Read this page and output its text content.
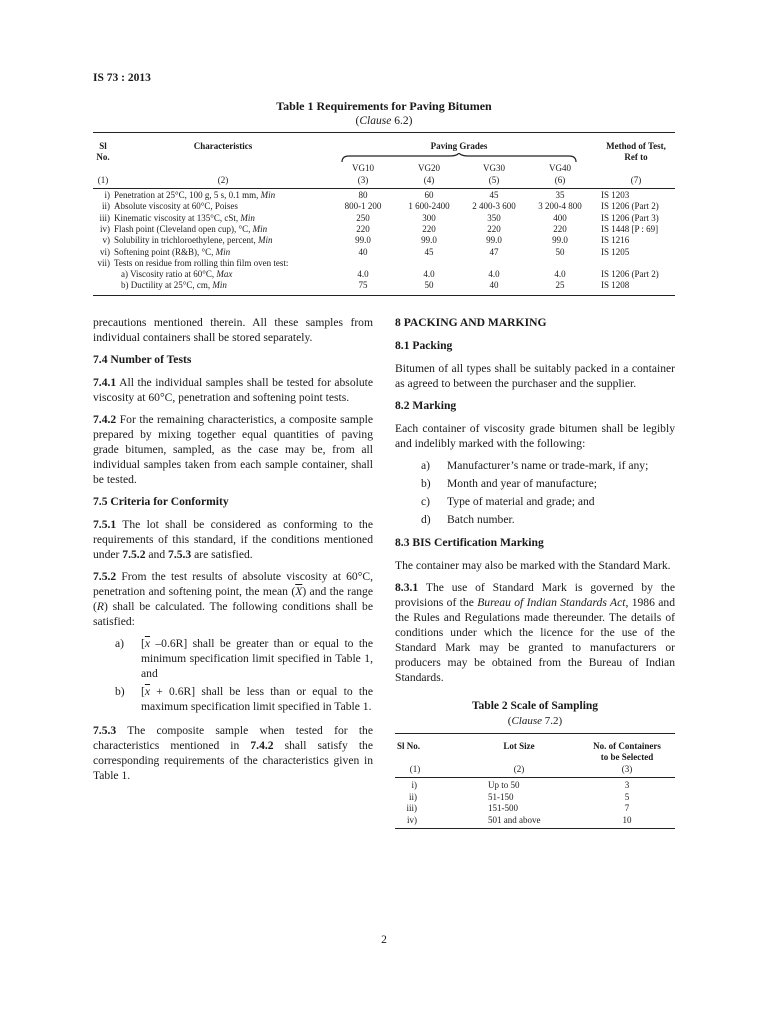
IS 73 : 2013
Table 1 Requirements for Paving Bitumen
(Clause 6.2)
Sl
No.
Characteristics	Paving Grades	Method of Test,
Ref to
VG10	VG20	VG30	VG40
(1)	(2)	(3)	(4)	(5)	(6)	(7)
i) Penetration at 25°C, 100 g, 5 s, 0.1 mm, Min	80	60	45	35	IS 1203
ii) Absolute viscosity at 60°C, Poises	800-1 200	1 600-2400	2 400-3 600	3 200-4 800	IS 1206 (Part 2)
iii) Kinematic viscosity at 135°C, cSt, Min	250	300	350	400	IS 1206 (Part 3)
iv) Flash point (Cleveland open cup), °C, Min	220	220	220	220	IS 1448 [P : 69]
v) Solubility in trichloroethylene, percent, Min	99.0	99.0	99.0	99.0	IS 1216
vi) Softening point (R&B), °C, Min	40	45	47	50	IS 1205
vii) Tests on residue from rolling thin film oven test:
a) Viscosity ratio at 60°C, Max	4.0	4.0	4.0	4.0	IS 1206 (Part 2)
b) Ductility at 25°C, cm, Min	75	50	40	25	IS 1208

precautions mentioned therein. All these samples from individual containers shall be stored separately.

7.4 Number of Tests

7.4.1 All the individual samples shall be tested for absolute viscosity at 60°C, penetration and softening point tests.

7.4.2 For the remaining characteristics, a composite sample prepared by mixing together equal quantities of paving grade bitumen, sampled, as the case may be, from all individual samples taken from each sample container, shall be tested.

7.5 Criteria for Conformity

7.5.1 The lot shall be considered as conforming to the requirements of this standard, if the conditions mentioned under 7.5.2 and 7.5.3 are satisfied.

7.5.2 From the test results of absolute viscosity at 60°C, penetration and softening point, the mean $(\overline{X})$ and the range (R) shall be calculated. The following conditions shall be satisfied:

a)	[$\overline{x}$ –0.6R] shall be greater than or equal to the minimum specification limit specified in Table 1, and
b)	$[\overline{x} + 0.6R]$ shall be less than or equal to the maximum specification limit specified in Table 1.

7.5.3 The composite sample when tested for the characteristics mentioned in 7.4.2 shall satisfy the corresponding requirements of the characteristics given in Table 1.

8 PACKING AND MARKING

8.1 Packing

Bitumen of all types shall be suitably packed in a container as agreed to between the purchaser and the supplier.

8.2 Marking

Each container of viscosity grade bitumen shall be legibly and indelibly marked with the following:

a)	Manufacturer’s name or trade-mark, if any;
b)	Month and year of manufacture;
c)	Type of material and grade; and
d)	Batch number.

8.3 BIS Certification Marking

The container may also be marked with the Standard Mark.

8.3.1 The use of Standard Mark is governed by the provisions of the Bureau of Indian Standards Act, 1986 and the Rules and Regulations made thereunder. The details of conditions under which the licence for the use of the Standard Mark may be granted to manufacturers or producers may be obtained from the Bureau of Indian Standards.

Table 2 Scale of Sampling
(Clause 7.2)
Sl No.	Lot Size	No. of Containers
to be Selected
(1)	(2)	(3)
i)	Up to 50	3
ii)	51-150	5
iii)	151-500	7
iv)	501 and above	10
2
